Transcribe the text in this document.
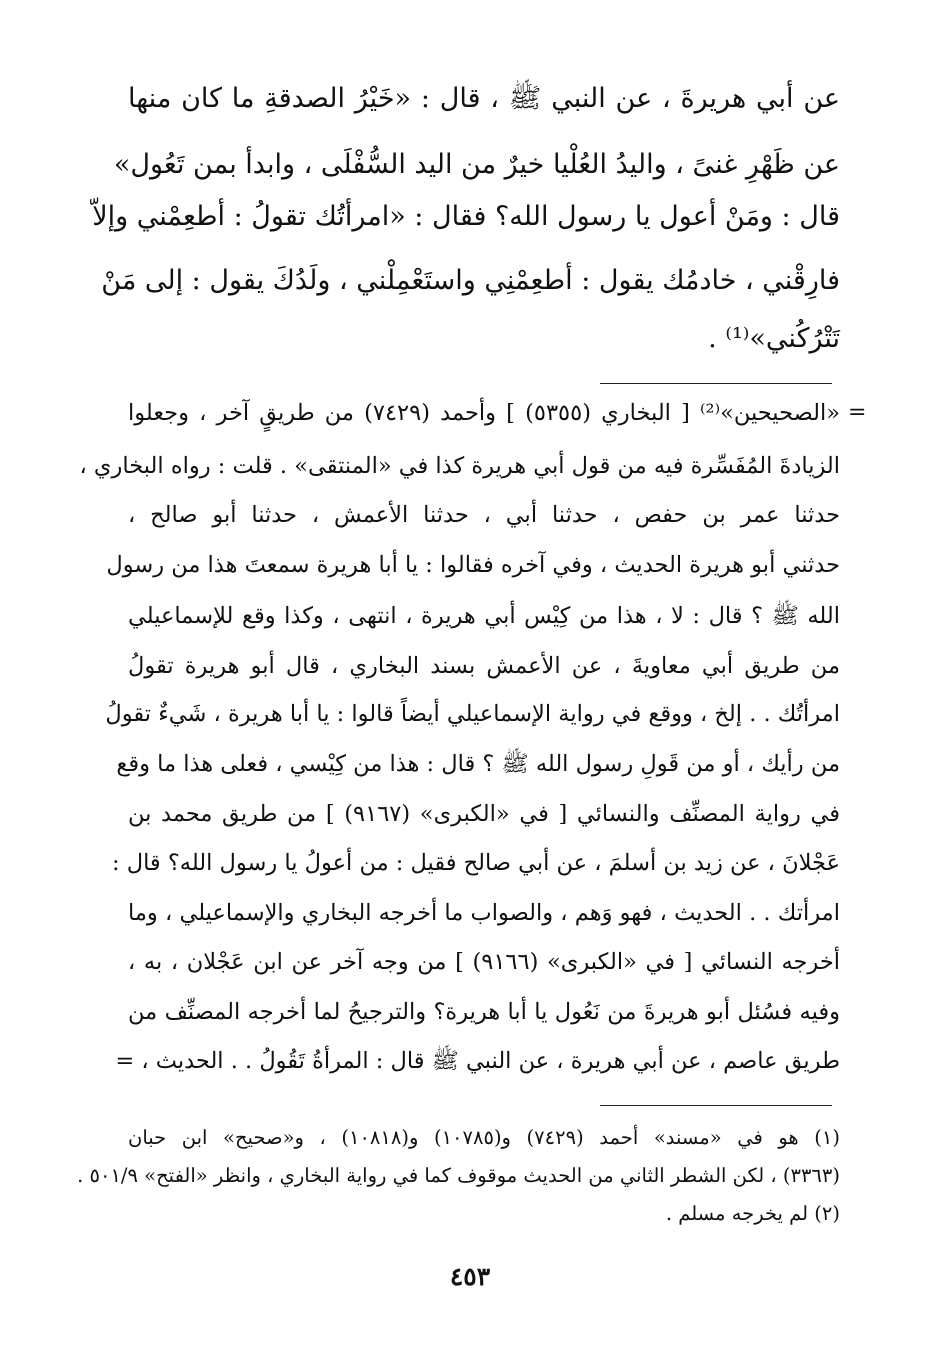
عن أبي هريرةَ ، عن النبي ﷺ ، قال : «خَيْرُ الصدقةِ ما كان منها
عن ظَهْرِ غنىً ، واليدُ العُلْيا خيرٌ من اليد السُّفْلَى ، وابدأ بمن تَعُول»
قال : ومَنْ أعول يا رسول الله؟ فقال : «امرأتُك تقولُ : أطعِمْني وإلاّ
فارِقْني ، خادمُك يقول : أطعِمْنِي واستَعْمِلْني ، ولَدُكَ يقول : إلى مَنْ
تَتْرُكُني»⁽¹⁾ .
=
«الصحيحين»⁽²⁾ [ البخاري (٥٣٥٥) ] وأحمد (٧٤٢٩) من طريقٍ آخر ، وجعلوا
الزيادةَ المُفَسِّرة فيه من قول أبي هريرة كذا في «المنتقى» . قلت : رواه البخاري ،
حدثنا عمر بن حفص ، حدثنا أبي ، حدثنا الأعمش ، حدثنا أبو صالح ،
حدثني أبو هريرة الحديث ، وفي آخره فقالوا : يا أبا هريرة سمعتَ هذا من رسول
الله ﷺ ؟ قال : لا ، هذا من كِيْس أبي هريرة ، انتهى ، وكذا وقع للإسماعيلي
من طريق أبي معاويةَ ، عن الأعمش بسند البخاري ، قال أبو هريرة تقولُ
امرأتُك . . إلخ ، ووقع في رواية الإسماعيلي أيضاً قالوا : يا أبا هريرة ، شَيءٌ تقولُ
من رأيك ، أو من قَولِ رسول الله ﷺ ؟ قال : هذا من كِيْسي ، فعلى هذا ما وقع
في رواية المصنِّف والنسائي [ في «الكبرى» (٩١٦٧) ] من طريق محمد بن
عَجْلانَ ، عن زيد بن أسلمَ ، عن أبي صالح فقيل : من أعولُ يا رسول الله؟ قال :
امرأتك . . الحديث ، فهو وَهم ، والصواب ما أخرجه البخاري والإسماعيلي ، وما
أخرجه النسائي [ في «الكبرى» (٩١٦٦) ] من وجه آخر عن ابن عَجْلان ، به ،
وفيه فسُئل أبو هريرةَ من نَعُول يا أبا هريرة؟ والترجيحُ لما أخرجه المصنِّف من
طريق عاصم ، عن أبي هريرة ، عن النبي ﷺ قال : المرأةُ تَقُولُ . . الحديث ، =
(١) هو في «مسند» أحمد (٧٤٢٩) و(١٠٧٨٥) و(١٠٨١٨) ، و«صحيح» ابن حبان
(٣٣٦٣) ، لكن الشطر الثاني من الحديث موقوف كما في رواية البخاري ، وانظر «الفتح» ٥٠١/٩ .
(٢) لم يخرجه مسلم .
٤٥٣
